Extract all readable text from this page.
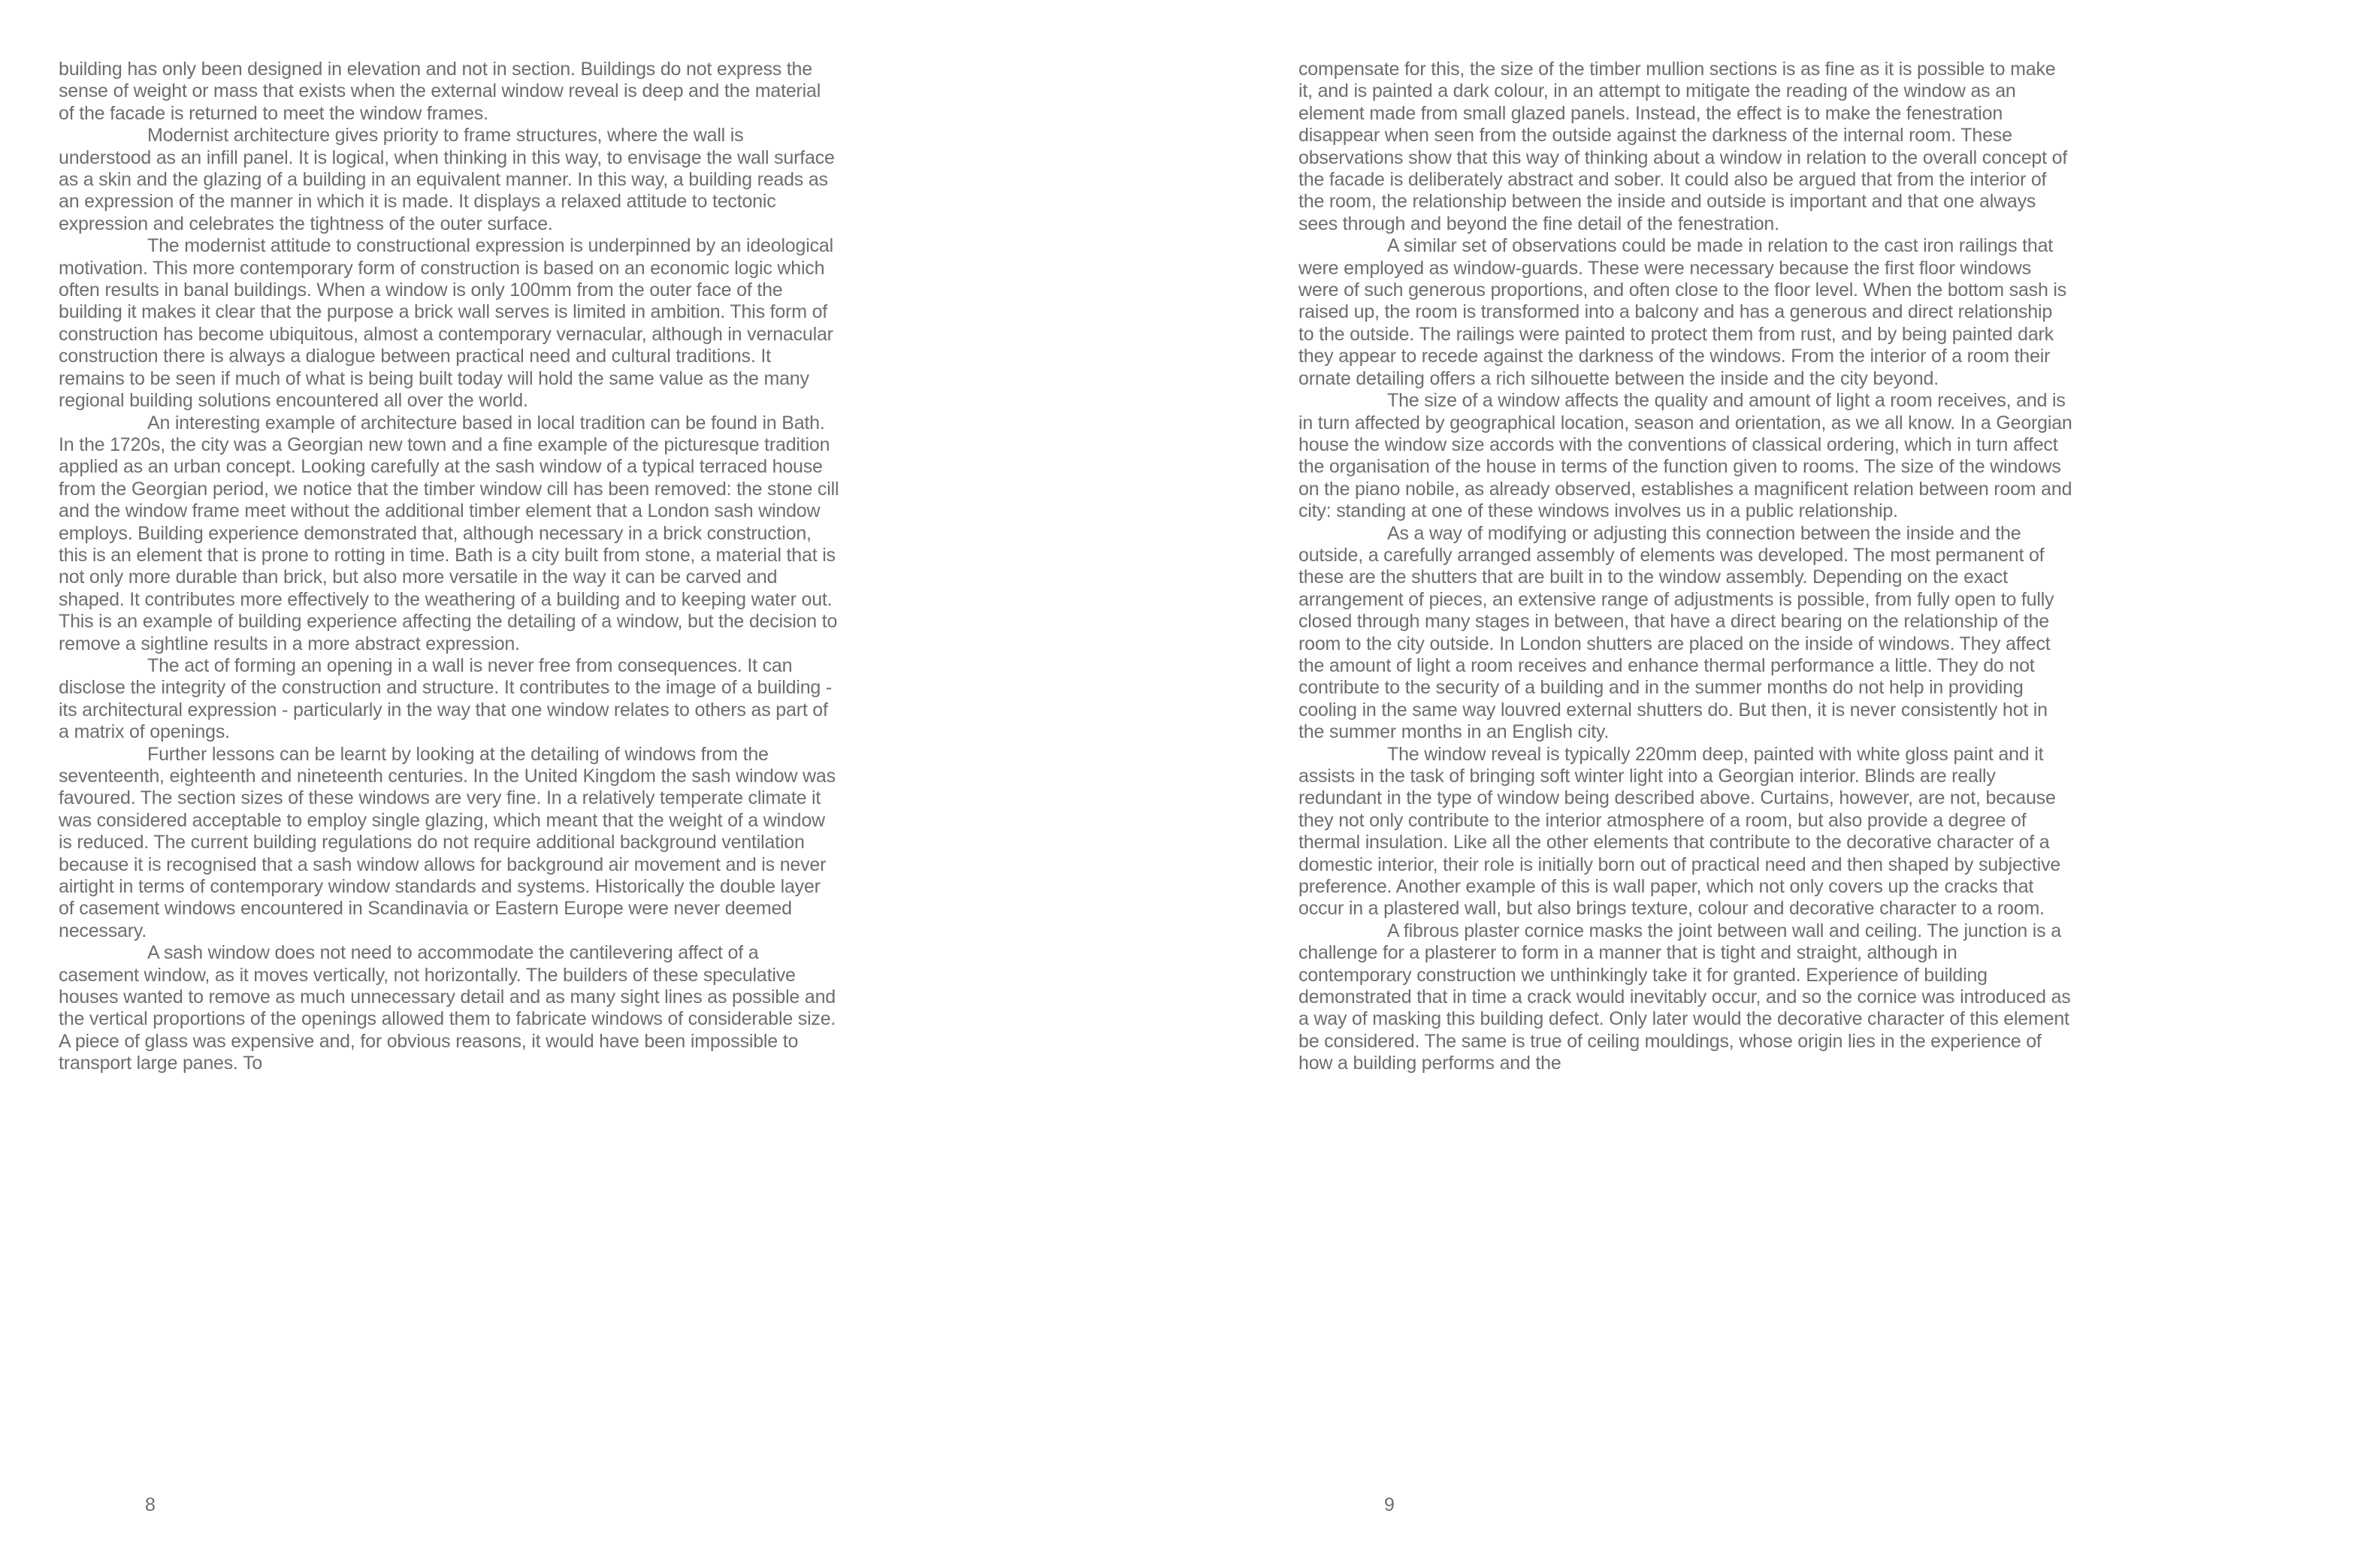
building has only been designed in elevation and not in section. Buildings do not express the sense of weight or mass that exists when the external window reveal is deep and the material of the facade is returned to meet the window frames.

Modernist architecture gives priority to frame structures, where the wall is understood as an infill panel. It is logical, when thinking in this way, to envisage the wall surface as a skin and the glazing of a building in an equivalent manner. In this way, a building reads as an expression of the manner in which it is made. It displays a relaxed attitude to tectonic expression and celebrates the tightness of the outer surface.

The modernist attitude to constructional expression is underpinned by an ideological motivation. This more contemporary form of construction is based on an economic logic which often results in banal buildings. When a window is only 100mm from the outer face of the building it makes it clear that the purpose a brick wall serves is limited in ambition. This form of construction has become ubiquitous, almost a contemporary vernacular, although in vernacular construction there is always a dialogue between practical need and cultural traditions. It remains to be seen if much of what is being built today will hold the same value as the many regional building solutions encountered all over the world.

An interesting example of architecture based in local tradition can be found in Bath. In the 1720s, the city was a Georgian new town and a fine example of the picturesque tradition applied as an urban concept. Looking carefully at the sash window of a typical terraced house from the Georgian period, we notice that the timber window cill has been removed: the stone cill and the window frame meet without the additional timber element that a London sash window employs. Building experience demonstrated that, although necessary in a brick construction, this is an element that is prone to rotting in time. Bath is a city built from stone, a material that is not only more durable than brick, but also more versatile in the way it can be carved and shaped. It contributes more effectively to the weathering of a building and to keeping water out. This is an example of building experience affecting the detailing of a window, but the decision to remove a sightline results in a more abstract expression.

The act of forming an opening in a wall is never free from consequences. It can disclose the integrity of the construction and structure. It contributes to the image of a building - its architectural expression - particularly in the way that one window relates to others as part of a matrix of openings.

Further lessons can be learnt by looking at the detailing of windows from the seventeenth, eighteenth and nineteenth centuries. In the United Kingdom the sash window was favoured. The section sizes of these windows are very fine. In a relatively temperate climate it was considered acceptable to employ single glazing, which meant that the weight of a window is reduced. The current building regulations do not require additional background ventilation because it is recognised that a sash window allows for background air movement and is never airtight in terms of contemporary window standards and systems. Historically the double layer of casement windows encountered in Scandinavia or Eastern Europe were never deemed necessary.

A sash window does not need to accommodate the cantilevering affect of a casement window, as it moves vertically, not horizontally. The builders of these speculative houses wanted to remove as much unnecessary detail and as many sight lines as possible and the vertical proportions of the openings allowed them to fabricate windows of considerable size. A piece of glass was expensive and, for obvious reasons, it would have been impossible to transport large panes. To

8

compensate for this, the size of the timber mullion sections is as fine as it is possible to make it, and is painted a dark colour, in an attempt to mitigate the reading of the window as an element made from small glazed panels. Instead, the effect is to make the fenestration disappear when seen from the outside against the darkness of the internal room. These observations show that this way of thinking about a window in relation to the overall concept of the facade is deliberately abstract and sober. It could also be argued that from the interior of the room, the relationship between the inside and outside is important and that one always sees through and beyond the fine detail of the fenestration.

A similar set of observations could be made in relation to the cast iron railings that were employed as window-guards. These were necessary because the first floor windows were of such generous proportions, and often close to the floor level. When the bottom sash is raised up, the room is transformed into a balcony and has a generous and direct relationship to the outside. The railings were painted to protect them from rust, and by being painted dark they appear to recede against the darkness of the windows. From the interior of a room their ornate detailing offers a rich silhouette between the inside and the city beyond.

The size of a window affects the quality and amount of light a room receives, and is in turn affected by geographical location, season and orientation, as we all know. In a Georgian house the window size accords with the conventions of classical ordering, which in turn affect the organisation of the house in terms of the function given to rooms. The size of the windows on the piano nobile, as already observed, establishes a magnificent relation between room and city: standing at one of these windows involves us in a public relationship.

As a way of modifying or adjusting this connection between the inside and the outside, a carefully arranged assembly of elements was developed. The most permanent of these are the shutters that are built in to the window assembly. Depending on the exact arrangement of pieces, an extensive range of adjustments is possible, from fully open to fully closed through many stages in between, that have a direct bearing on the relationship of the room to the city outside. In London shutters are placed on the inside of windows. They affect the amount of light a room receives and enhance thermal performance a little. They do not contribute to the security of a building and in the summer months do not help in providing cooling in the same way louvred external shutters do. But then, it is never consistently hot in the summer months in an English city.

The window reveal is typically 220mm deep, painted with white gloss paint and it assists in the task of bringing soft winter light into a Georgian interior. Blinds are really redundant in the type of window being described above. Curtains, however, are not, because they not only contribute to the interior atmosphere of a room, but also provide a degree of thermal insulation. Like all the other elements that contribute to the decorative character of a domestic interior, their role is initially born out of practical need and then shaped by subjective preference. Another example of this is wall paper, which not only covers up the cracks that occur in a plastered wall, but also brings texture, colour and decorative character to a room.

A fibrous plaster cornice masks the joint between wall and ceiling. The junction is a challenge for a plasterer to form in a manner that is tight and straight, although in contemporary construction we unthinkingly take it for granted. Experience of building demonstrated that in time a crack would inevitably occur, and so the cornice was introduced as a way of masking this building defect. Only later would the decorative character of this element be considered. The same is true of ceiling mouldings, whose origin lies in the experience of how a building performs and the

9
